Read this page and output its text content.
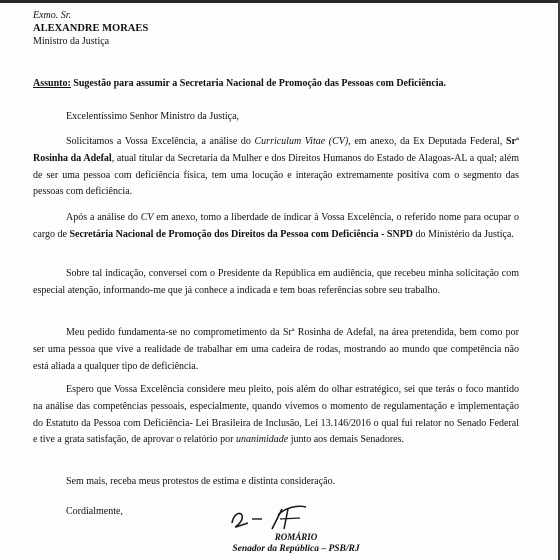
Exmo. Sr.
ALEXANDRE MORAES
Ministro da Justiça
Assunto: Sugestão para assumir a Secretaria Nacional de Promoção das Pessoas com Deficiência.
Excelentíssimo Senhor Ministro da Justiça,
Solicitamos a Vossa Excelência, a análise do Curriculum Vitae (CV), em anexo, da Ex Deputada Federal, Srª Rosinha da Adefal, atual titular da Secretaria da Mulher e dos Direitos Humanos do Estado de Alagoas-AL a qual; além de ser uma pessoa com deficiência física, tem uma locução e interação extremamente positiva com o segmento das pessoas com deficiência.
Após a análise do CV em anexo, tomo a liberdade de indicar à Vossa Excelência, o referido nome para ocupar o cargo de Secretária Nacional de Promoção dos Direitos da Pessoa com Deficiência - SNPD do Ministério da Justiça.
Sobre tal indicação, conversei com o Presidente da República em audiência, que recebeu minha solicitação com especial atenção, informando-me que já conhece a indicada e tem boas referências sobre seu trabalho.
Meu pedido fundamenta-se no comprometimento da Srª Rosinha de Adefal, na área pretendida, bem como por ser uma pessoa que vive a realidade de trabalhar em uma cadeira de rodas, mostrando ao mundo que competência não está aliada a qualquer tipo de deficiência.
Espero que Vossa Excelência considere meu pleito, pois além do olhar estratégico, sei que terás o foco mantido na análise das competências pessoais, especialmente, quando vivemos o momento de regulamentação e implementação do Estatuto da Pessoa com Deficiência- Lei Brasileira de Inclusão, Lei 13.146/2016 o qual fui relator no Senado Federal e tive a grata satisfação, de aprovar o relatório por unanimidade junto aos demais Senadores.
Sem mais, receba meus protestos de estima e distinta consideração.
Cordialmente,
ROMÁRIO
Senador da República – PSB/RJ
